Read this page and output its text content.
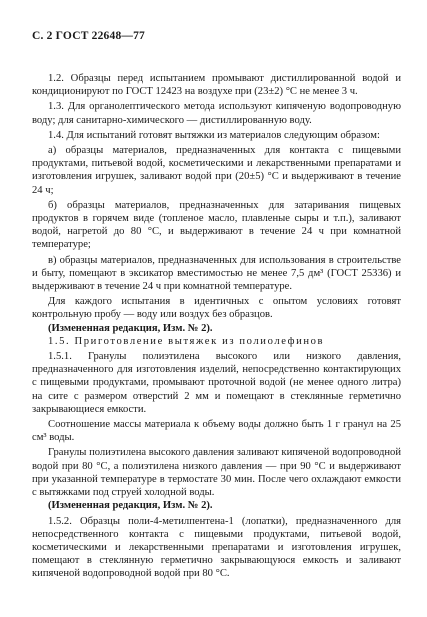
С. 2 ГОСТ 22648—77

1.2. Образцы перед испытанием промывают дистиллированной водой и кондиционируют по ГОСТ 12423 на воздухе при (23±2) °С не менее 3 ч.

1.3. Для органолептического метода используют кипяченую водопроводную воду; для санитарно-химического — дистиллированную воду.

1.4. Для испытаний готовят вытяжки из материалов следующим образом:

а) образцы материалов, предназначенных для контакта с пищевыми продуктами, питьевой водой, косметическими и лекарственными препаратами и изготовления игрушек, заливают водой при (20±5) °С и выдерживают в течение 24 ч;

б) образцы материалов, предназначенных для затаривания пищевых продуктов в горячем виде (топленое масло, плавленые сыры и т.п.), заливают водой, нагретой до 80 °С, и выдерживают в течение 24 ч при комнатной температуре;

в) образцы материалов, предназначенных для использования в строительстве и быту, помещают в эксикатор вместимостью не менее 7,5 дм³ (ГОСТ 25336) и выдерживают в течение 24 ч при комнатной температуре.

Для каждого испытания в идентичных с опытом условиях готовят контрольную пробу — воду или воздух без образцов.

(Измененная редакция, Изм. № 2).

1.5. Приготовление вытяжек из полиолефинов

1.5.1. Гранулы полиэтилена высокого или низкого давления, предназначенного для изготовления изделий, непосредственно контактирующих с пищевыми продуктами, промывают проточной водой (не менее одного литра) на сите с размером отверстий 2 мм и помещают в стеклянные герметично закрывающиеся емкости.

Соотношение массы материала к объему воды должно быть 1 г гранул на 25 см³ воды.

Гранулы полиэтилена высокого давления заливают кипяченой водопроводной водой при 80 °С, а полиэтилена низкого давления — при 90 °С и выдерживают при указанной температуре в термостате 30 мин. После чего охлаждают емкости с вытяжками под струей холодной воды.

(Измененная редакция, Изм. № 2).

1.5.2. Образцы поли-4-метилпентена-1 (лопатки), предназначенного для непосредственного контакта с пищевыми продуктами, питьевой водой, косметическими и лекарственными препаратами и изготовления игрушек, помещают в стеклянную герметично закрывающуюся емкость и заливают кипяченой водопроводной водой при 80 °С.
